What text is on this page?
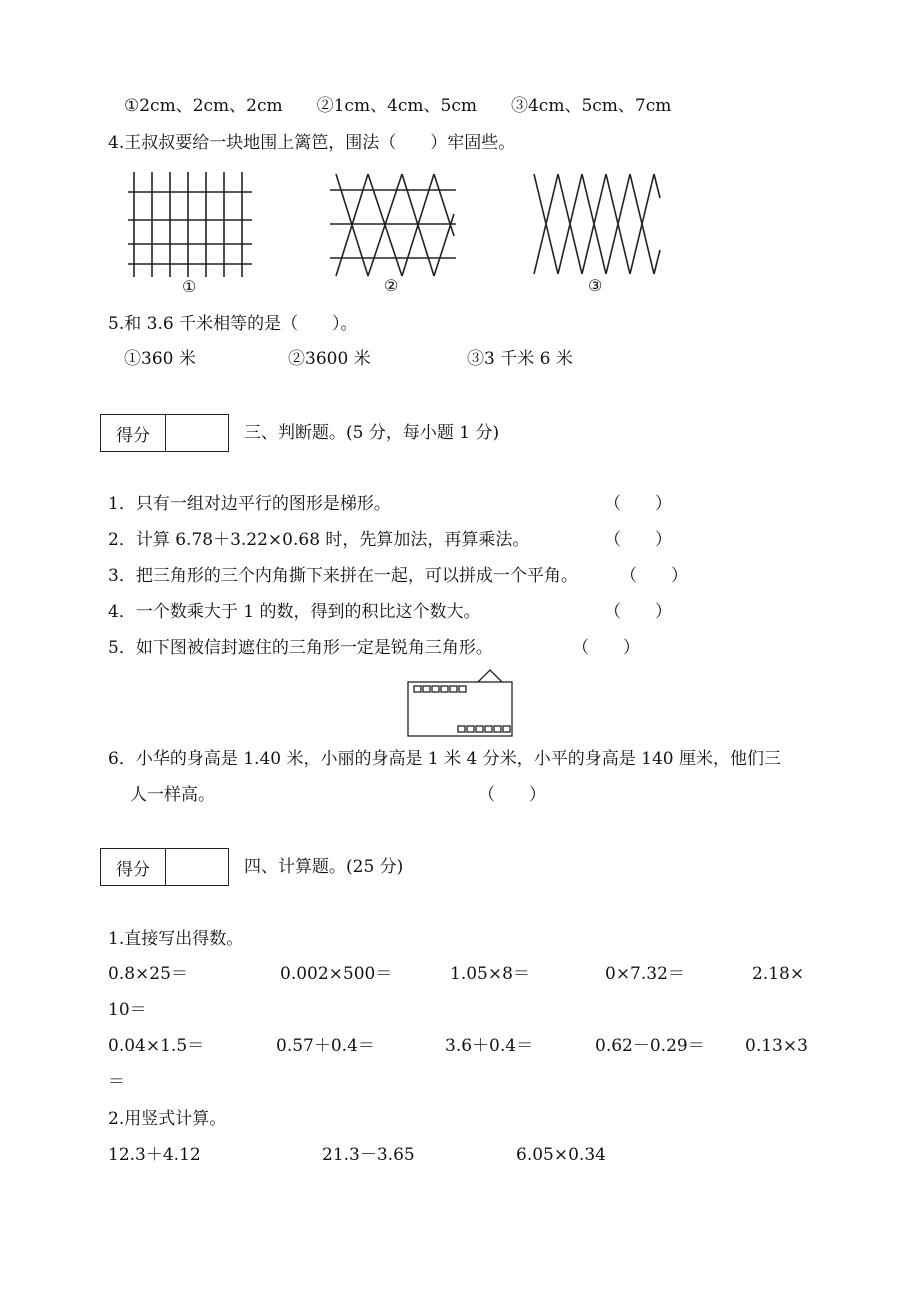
①2cm、2cm、2cm　　②1cm、4cm、5cm　　③4cm、5cm、7cm
4.王叔叔要给一块地围上篱笆，围法（　　）牢固些。
①	②	③
5.和 3.6 千米相等的是（　　）。
①360 米	②3600 米	③3 千米 6 米
得分	三、判断题。(5 分，每小题 1 分)
1．只有一组对边平行的图形是梯形。	（　　）
2．计算 6.78＋3.22×0.68 时，先算加法，再算乘法。	（　　）
3．把三角形的三个内角撕下来拼在一起，可以拼成一个平角。 （　　）
4．一个数乘大于 1 的数，得到的积比这个数大。	（　　）
5．如下图被信封遮住的三角形一定是锐角三角形。	（　　）
6．小华的身高是 1.40 米，小丽的身高是 1 米 4 分米，小平的身高是 140 厘米，他们三
人一样高。	（　　）
得分	四、计算题。(25 分)
1.直接写出得数。
0.8×25＝	0.002×500＝	1.05×8＝	0×7.32＝	2.18×
10＝
0.04×1.5＝	0.57＋0.4＝	3.6＋0.4＝	0.62－0.29＝ 0.13×3
＝
2.用竖式计算。
12.3＋4.12	21.3－3.65	6.05×0.34
